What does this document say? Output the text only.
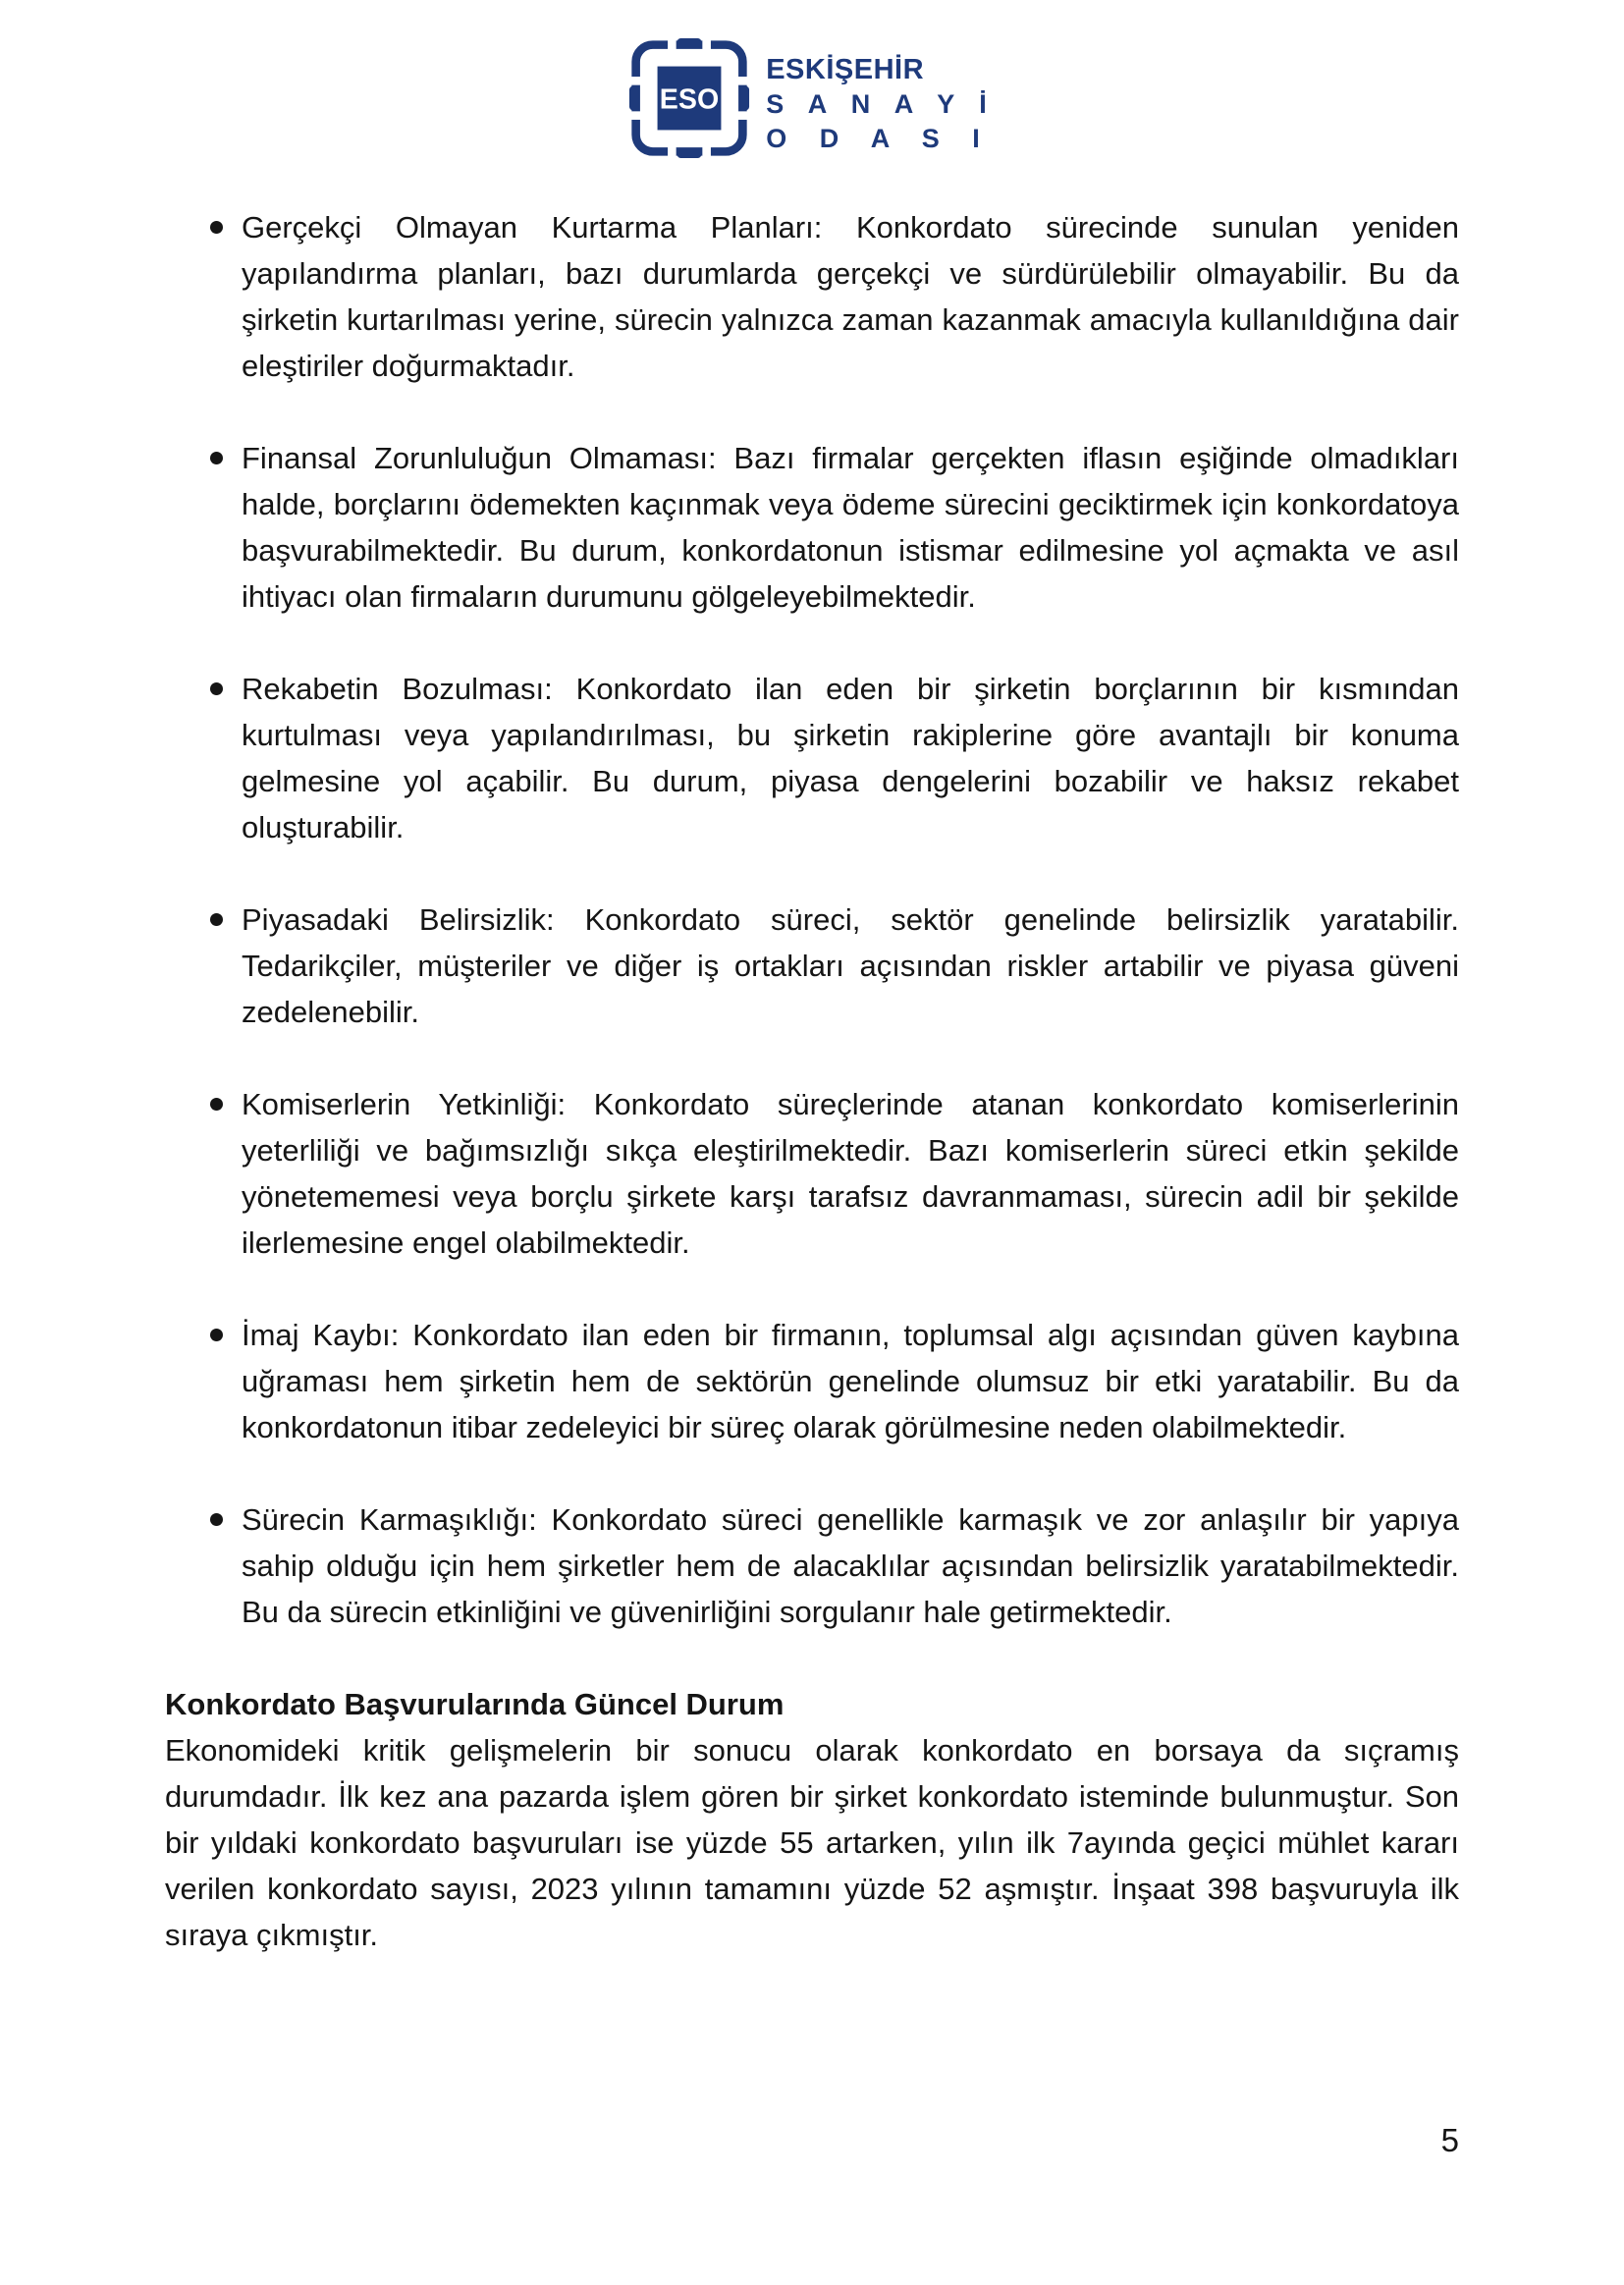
ESO
ESKİŞEHİR
S A N A Y İ
O D A S I
Gerçekçi Olmayan Kurtarma Planları: Konkordato sürecinde sunulan yeniden yapılandırma planları, bazı durumlarda gerçekçi ve sürdürülebilir olmayabilir. Bu da şirketin kurtarılması yerine, sürecin yalnızca zaman kazanmak amacıyla kullanıldığına dair eleştiriler doğurmaktadır.
Finansal Zorunluluğun Olmaması: Bazı firmalar gerçekten iflasın eşiğinde olmadıkları halde, borçlarını ödemekten kaçınmak veya ödeme sürecini geciktirmek için konkordatoya başvurabilmektedir. Bu durum, konkordatonun istismar edilmesine yol açmakta ve asıl ihtiyacı olan firmaların durumunu gölgeleyebilmektedir.
Rekabetin Bozulması: Konkordato ilan eden bir şirketin borçlarının bir kısmından kurtulması veya yapılandırılması, bu şirketin rakiplerine göre avantajlı bir konuma gelmesine yol açabilir. Bu durum, piyasa dengelerini bozabilir ve haksız rekabet oluşturabilir.
Piyasadaki Belirsizlik: Konkordato süreci, sektör genelinde belirsizlik yaratabilir. Tedarikçiler, müşteriler ve diğer iş ortakları açısından riskler artabilir ve piyasa güveni zedelenebilir.
Komiserlerin Yetkinliği: Konkordato süreçlerinde atanan konkordato komiserlerinin yeterliliği ve bağımsızlığı sıkça eleştirilmektedir. Bazı komiserlerin süreci etkin şekilde yönetememesi veya borçlu şirkete karşı tarafsız davranmaması, sürecin adil bir şekilde ilerlemesine engel olabilmektedir.
İmaj Kaybı: Konkordato ilan eden bir firmanın, toplumsal algı açısından güven kaybına uğraması hem şirketin hem de sektörün genelinde olumsuz bir etki yaratabilir. Bu da konkordatonun itibar zedeleyici bir süreç olarak görülmesine neden olabilmektedir.
Sürecin Karmaşıklığı: Konkordato süreci genellikle karmaşık ve zor anlaşılır bir yapıya sahip olduğu için hem şirketler hem de alacaklılar açısından belirsizlik yaratabilmektedir. Bu da sürecin etkinliğini ve güvenirliğini sorgulanır hale getirmektedir.
Konkordato Başvurularında Güncel Durum

Ekonomideki kritik gelişmelerin bir sonucu olarak konkordato en borsaya da sıçramış durumdadır. İlk kez ana pazarda işlem gören bir şirket konkordato isteminde bulunmuştur. Son bir yıldaki konkordato başvuruları ise yüzde 55 artarken, yılın ilk 7ayında geçici mühlet kararı verilen konkordato sayısı, 2023 yılının tamamını yüzde 52 aşmıştır. İnşaat 398 başvuruyla ilk sıraya çıkmıştır.

5
